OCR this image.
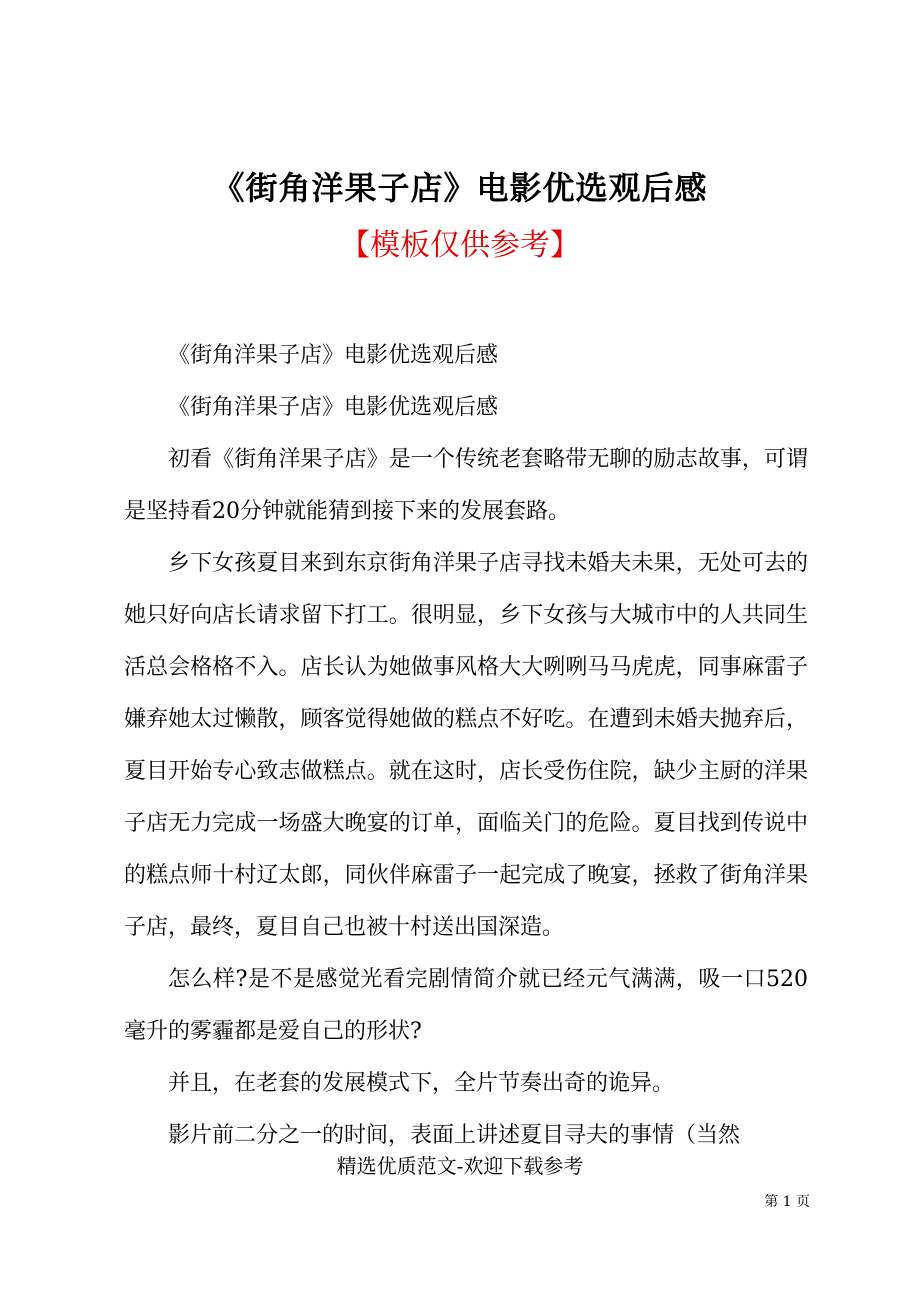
《街角洋果子店》电影优选观后感
【模板仅供参考】

《街角洋果子店》电影优选观后感

《街角洋果子店》电影优选观后感

初看《街角洋果子店》是一个传统老套略带无聊的励志故事，可谓是坚持看20分钟就能猜到接下来的发展套路。

乡下女孩夏目来到东京街角洋果子店寻找未婚夫未果，无处可去的她只好向店长请求留下打工。很明显，乡下女孩与大城市中的人共同生活总会格格不入。店长认为她做事风格大大咧咧马马虎虎，同事麻雷子嫌弃她太过懒散，顾客觉得她做的糕点不好吃。在遭到未婚夫抛弃后，夏目开始专心致志做糕点。就在这时，店长受伤住院，缺少主厨的洋果子店无力完成一场盛大晚宴的订单，面临关门的危险。夏目找到传说中的糕点师十村辽太郎，同伙伴麻雷子一起完成了晚宴，拯救了街角洋果子店，最终，夏目自己也被十村送出国深造。

怎么样?是不是感觉光看完剧情简介就已经元气满满，吸一口520毫升的雾霾都是爱自己的形状?

并且，在老套的发展模式下，全片节奏出奇的诡异。

影片前二分之一的时间，表面上讲述夏目寻夫的事情（当然

精选优质范文-欢迎下载参考
第 1 页
